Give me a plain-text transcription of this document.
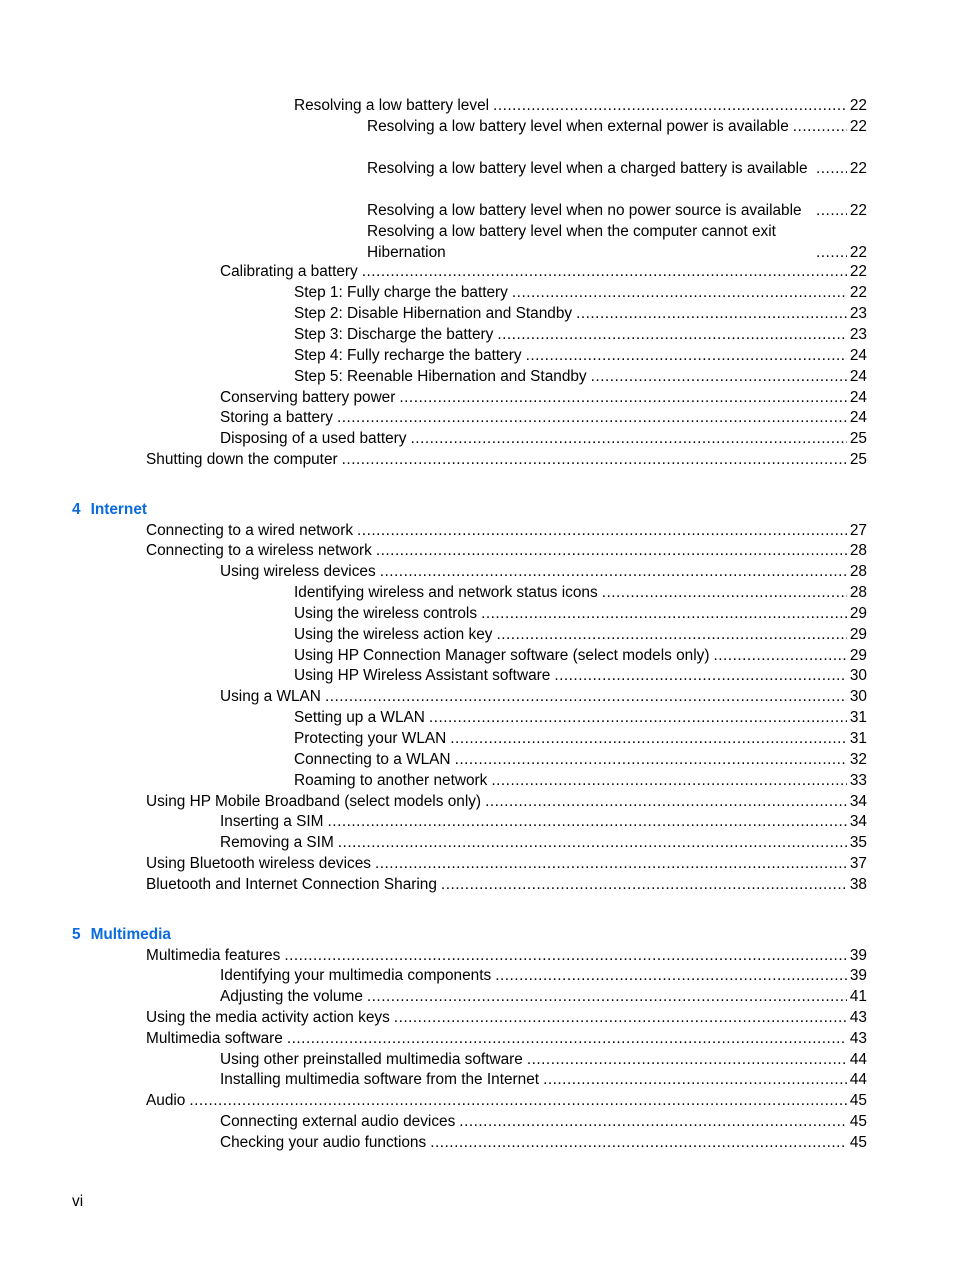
Resolving a low battery level .....	22
Resolving a low battery level when external power is available .....	22
Resolving a low battery level when a charged battery is available .....	22
Resolving a low battery level when no power source is available .....	22
Resolving a low battery level when the computer cannot exit Hibernation .....	22
Calibrating a battery .....	22
Step 1: Fully charge the battery .....	22
Step 2: Disable Hibernation and Standby .....	23
Step 3: Discharge the battery .....	23
Step 4: Fully recharge the battery .....	24
Step 5: Reenable Hibernation and Standby .....	24
Conserving battery power .....	24
Storing a battery .....	24
Disposing of a used battery .....	25
Shutting down the computer .....	25
4 Internet
Connecting to a wired network .....	27
Connecting to a wireless network .....	28
Using wireless devices .....	28
Identifying wireless and network status icons .....	28
Using the wireless controls .....	29
Using the wireless action key .....	29
Using HP Connection Manager software (select models only) .....	29
Using HP Wireless Assistant software .....	30
Using a WLAN .....	30
Setting up a WLAN .....	31
Protecting your WLAN .....	31
Connecting to a WLAN .....	32
Roaming to another network .....	33
Using HP Mobile Broadband (select models only) .....	34
Inserting a SIM .....	34
Removing a SIM .....	35
Using Bluetooth wireless devices .....	37
Bluetooth and Internet Connection Sharing .....	38
5 Multimedia
Multimedia features .....	39
Identifying your multimedia components .....	39
Adjusting the volume .....	41
Using the media activity action keys .....	43
Multimedia software .....	43
Using other preinstalled multimedia software .....	44
Installing multimedia software from the Internet .....	44
Audio .....	45
Connecting external audio devices .....	45
Checking your audio functions .....	45
vi
